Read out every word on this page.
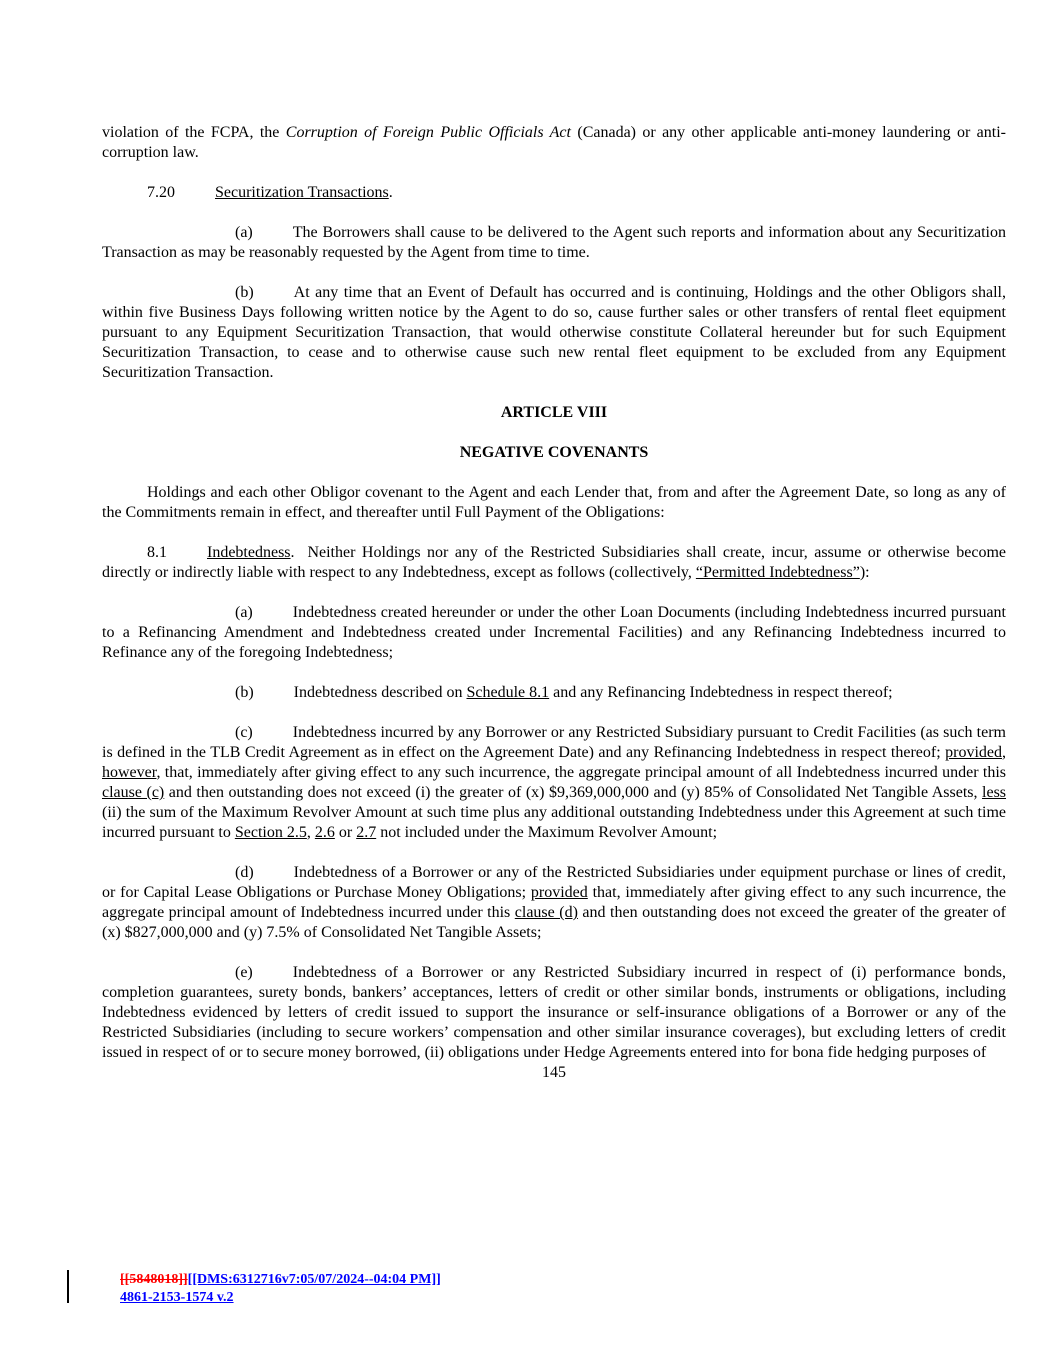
violation of the FCPA, the Corruption of Foreign Public Officials Act (Canada) or any other applicable anti-money laundering or anti-corruption law.

7.20	Securitization Transactions.

(a)	The Borrowers shall cause to be delivered to the Agent such reports and information about any Securitization Transaction as may be reasonably requested by the Agent from time to time.

(b)	At any time that an Event of Default has occurred and is continuing, Holdings and the other Obligors shall, within five Business Days following written notice by the Agent to do so, cause further sales or other transfers of rental fleet equipment pursuant to any Equipment Securitization Transaction, that would otherwise constitute Collateral hereunder but for such Equipment Securitization Transaction, to cease and to otherwise cause such new rental fleet equipment to be excluded from any Equipment Securitization Transaction.

ARTICLE VIII

NEGATIVE COVENANTS

Holdings and each other Obligor covenant to the Agent and each Lender that, from and after the Agreement Date, so long as any of the Commitments remain in effect, and thereafter until Full Payment of the Obligations:

8.1	Indebtedness.  Neither Holdings nor any of the Restricted Subsidiaries shall create, incur, assume or otherwise become directly or indirectly liable with respect to any Indebtedness, except as follows (collectively, “Permitted Indebtedness”):

(a)	Indebtedness created hereunder or under the other Loan Documents (including Indebtedness incurred pursuant to a Refinancing Amendment and Indebtedness created under Incremental Facilities) and any Refinancing Indebtedness incurred to Refinance any of the foregoing Indebtedness;

(b)	Indebtedness described on Schedule 8.1 and any Refinancing Indebtedness in respect thereof;

(c)	Indebtedness incurred by any Borrower or any Restricted Subsidiary pursuant to Credit Facilities (as such term is defined in the TLB Credit Agreement as in effect on the Agreement Date) and any Refinancing Indebtedness in respect thereof; provided, however, that, immediately after giving effect to any such incurrence, the aggregate principal amount of all Indebtedness incurred under this clause (c) and then outstanding does not exceed (i) the greater of (x) $9,369,000,000 and (y) 85% of Consolidated Net Tangible Assets, less (ii) the sum of the Maximum Revolver Amount at such time plus any additional outstanding Indebtedness under this Agreement at such time incurred pursuant to Section 2.5, 2.6 or 2.7 not included under the Maximum Revolver Amount;

(d)	Indebtedness of a Borrower or any of the Restricted Subsidiaries under equipment purchase or lines of credit, or for Capital Lease Obligations or Purchase Money Obligations; provided that, immediately after giving effect to any such incurrence, the aggregate principal amount of Indebtedness incurred under this clause (d) and then outstanding does not exceed the greater of the greater of (x) $827,000,000 and (y) 7.5% of Consolidated Net Tangible Assets;

(e)	Indebtedness of a Borrower or any Restricted Subsidiary incurred in respect of (i) performance bonds, completion guarantees, surety bonds, bankers’ acceptances, letters of credit or other similar bonds, instruments or obligations, including Indebtedness evidenced by letters of credit issued to support the insurance or self-insurance obligations of a Borrower or any of the Restricted Subsidiaries (including to secure workers’ compensation and other similar insurance coverages), but excluding letters of credit issued in respect of or to secure money borrowed, (ii) obligations under Hedge Agreements entered into for bona fide hedging purposes of

145

[[5848018]][[DMS:6312716v7:05/07/2024--04:04 PM]]
4861-2153-1574 v.2
